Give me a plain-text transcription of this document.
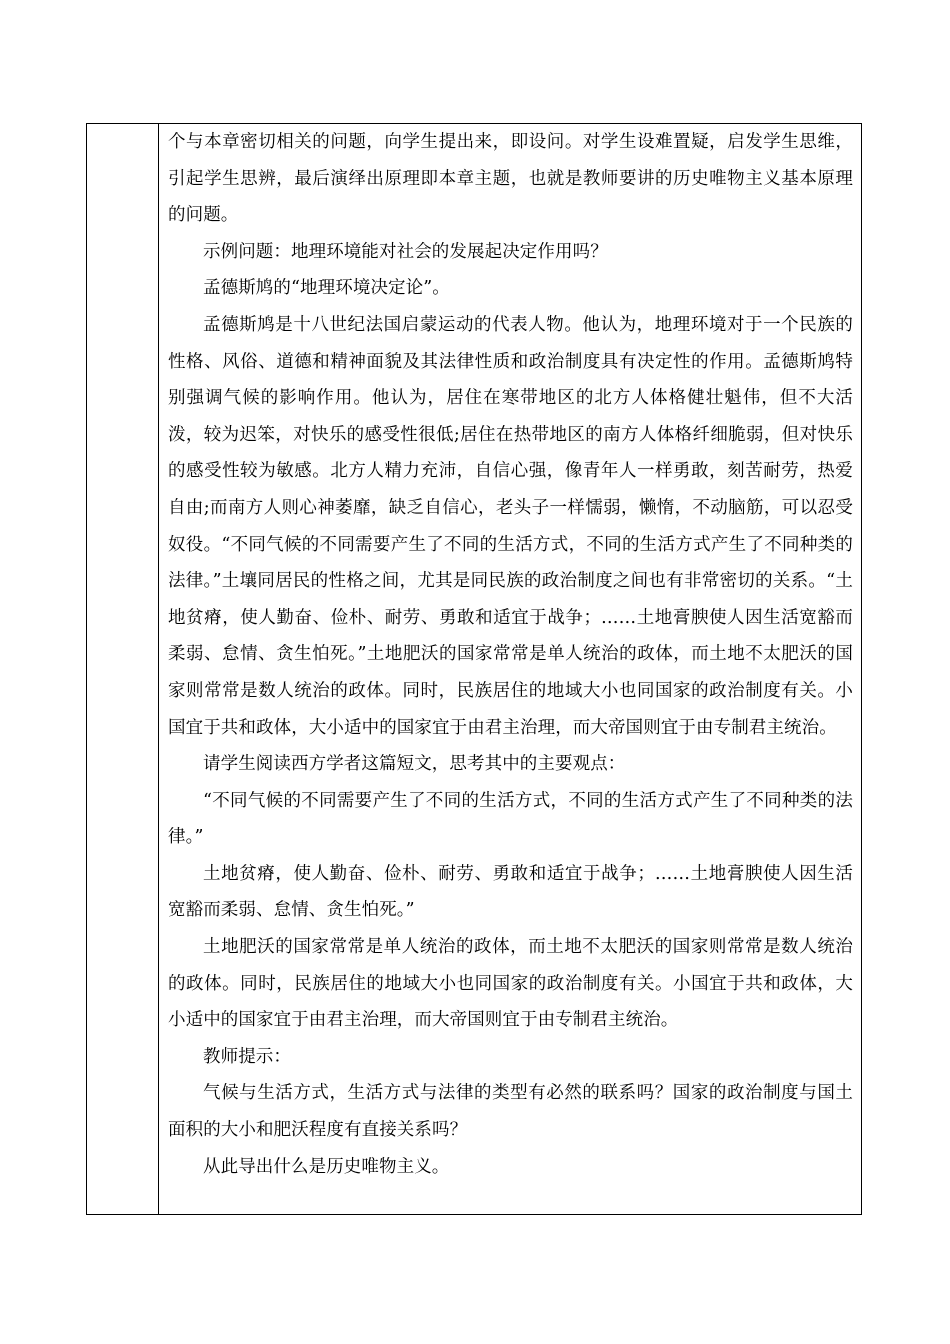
个与本章密切相关的问题，向学生提出来，即设问。对学生设难置疑，启发学生思维，引起学生思辨，最后演绎出原理即本章主题，也就是教师要讲的历史唯物主义基本原理的问题。

示例问题：地理环境能对社会的发展起决定作用吗？

孟德斯鸠的“地理环境决定论”。

孟德斯鸠是十八世纪法国启蒙运动的代表人物。他认为，地理环境对于一个民族的性格、风俗、道德和精神面貌及其法律性质和政治制度具有决定性的作用。孟德斯鸠特别强调气候的影响作用。他认为，居住在寒带地区的北方人体格健壮魁伟，但不大活泼，较为迟笨，对快乐的感受性很低;居住在热带地区的南方人体格纤细脆弱，但对快乐的感受性较为敏感。北方人精力充沛，自信心强，像青年人一样勇敢，刻苦耐劳，热爱自由;而南方人则心神萎靡，缺乏自信心，老头子一样懦弱，懒惰，不动脑筋，可以忍受奴役。“不同气候的不同需要产生了不同的生活方式，不同的生活方式产生了不同种类的法律。”土壤同居民的性格之间，尤其是同民族的政治制度之间也有非常密切的关系。“土地贫瘠，使人勤奋、俭朴、耐劳、勇敢和适宜于战争；……土地膏腴使人因生活宽豁而柔弱、怠情、贪生怕死。”土地肥沃的国家常常是单人统治的政体，而土地不太肥沃的国家则常常是数人统治的政体。同时，民族居住的地域大小也同国家的政治制度有关。小国宜于共和政体，大小适中的国家宜于由君主治理，而大帝国则宜于由专制君主统治。

请学生阅读西方学者这篇短文，思考其中的主要观点：

“不同气候的不同需要产生了不同的生活方式，不同的生活方式产生了不同种类的法律。”

土地贫瘠，使人勤奋、俭朴、耐劳、勇敢和适宜于战争；……土地膏腴使人因生活宽豁而柔弱、怠情、贪生怕死。”

土地肥沃的国家常常是单人统治的政体，而土地不太肥沃的国家则常常是数人统治的政体。同时，民族居住的地域大小也同国家的政治制度有关。小国宜于共和政体，大小适中的国家宜于由君主治理，而大帝国则宜于由专制君主统治。

教师提示：

气候与生活方式，生活方式与法律的类型有必然的联系吗？国家的政治制度与国土面积的大小和肥沃程度有直接关系吗？

从此导出什么是历史唯物主义。
